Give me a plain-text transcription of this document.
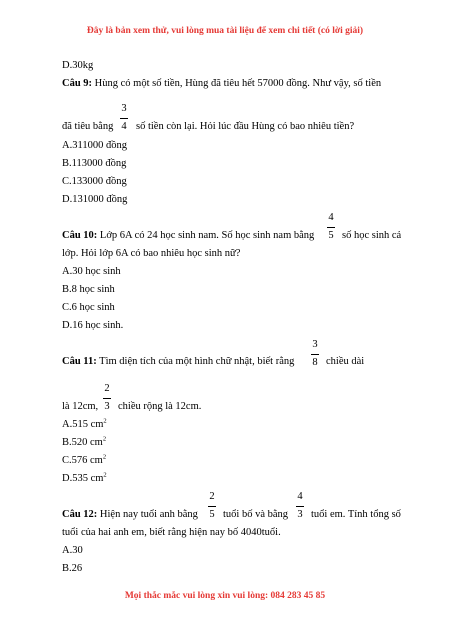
Đây là bản xem thử, vui lòng mua tài liệu để xem chi tiết (có lời giải)
D.30kg
Câu 9: Hùng có một số tiền, Hùng đã tiêu hết 57000 đồng. Như vậy, số tiền
3
4
đã tiêu bằng số tiền còn lại. Hỏi lúc đầu Hùng có bao nhiêu tiền?
A.311000 đồng
B.113000 đồng
C.133000 đồng
D.131000 đồng
Câu 10: Lớp 6A có 24 học sinh nam. Số học sinh nam bằng
4
5 số học sinh cả
lớp. Hỏi lớp 6A có bao nhiêu học sinh nữ?
A.30 học sinh
B.8 học sinh
C.6 học sinh
D.16 học sinh.
Câu 11: Tìm diện tích của một hình chữ nhật, biết rằng
3
8 chiều dài
2
3
là 12cm, chiều rộng là 12cm.
A.515 $cm^2$
B.520 $cm^2$
C.576 $cm^2$
D.535 $cm^2$
Câu 12: Hiện nay tuổi anh bằng
2
5 tuổi bố và bằng
4
3 tuổi em. Tính tổng số
tuổi của hai anh em, biết rằng hiện nay bố 4040tuổi.
A.30
B.26
Mọi thắc mắc vui lòng xin vui lòng: 084 283 45 85
